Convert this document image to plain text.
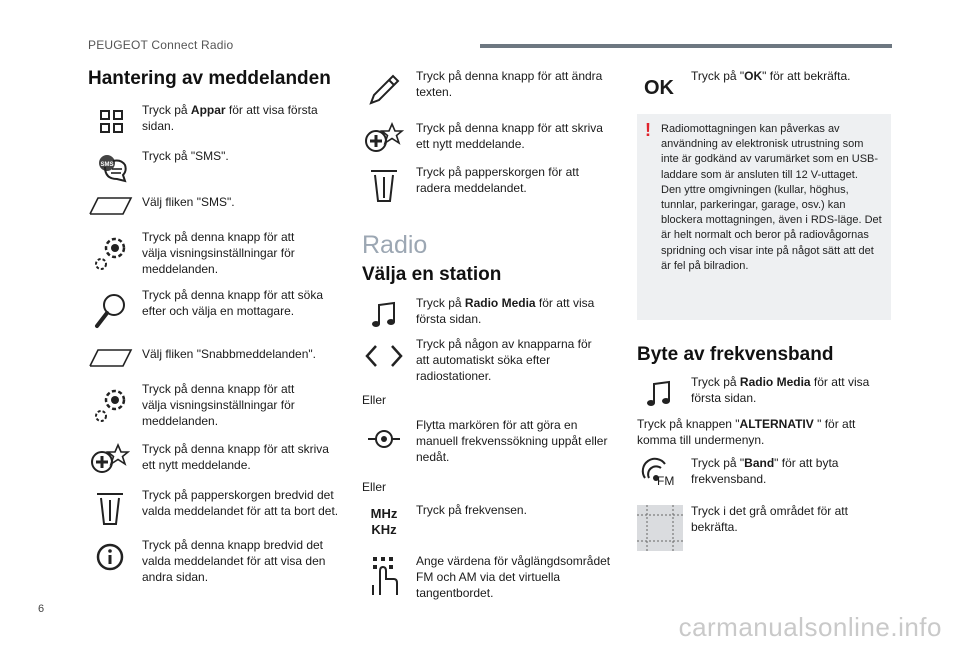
PEUGEOT Connect Radio
Hantering av meddelanden
Tryck på Appar för att visa första sidan.
SMS
Tryck på "SMS".
Välj fliken "SMS".
Tryck på denna knapp för att välja visningsinställningar för meddelanden.
Tryck på denna knapp för att söka efter och välja en mottagare.
Välj fliken "Snabbmeddelanden".
Tryck på denna knapp för att välja visningsinställningar för meddelanden.
Tryck på denna knapp för att skriva ett nytt meddelande.
Tryck på papperskorgen bredvid det valda meddelandet för att ta bort det.
Tryck på denna knapp bredvid det valda meddelandet för att visa den andra sidan.
Tryck på denna knapp för att ändra texten.
Tryck på denna knapp för att skriva ett nytt meddelande.
Tryck på papperskorgen för att radera meddelandet.
Radio
Välja en station
Tryck på Radio Media för att visa första sidan.
Tryck på någon av knapparna för att automatiskt söka efter radiostationer.
Eller
Flytta markören för att göra en manuell frekvenssökning uppåt eller nedåt.
Eller
MHz
KHz
Tryck på frekvensen.
Ange värdena för våglängdsområdet FM och AM via det virtuella tangentbordet.
OK
Tryck på "OK" för att bekräfta.
! Radiomottagningen kan påverkas av användning av elektronisk utrustning som inte är godkänd av varumärket som en USB-laddare som är ansluten till 12 V-uttaget.
Den yttre omgivningen (kullar, höghus, tunnlar, parkeringar, garage, osv.) kan blockera mottagningen, även i RDS-läge. Det är helt normalt och beror på radiovågornas spridning och visar inte på något sätt att det är fel på bilradion.
Byte av frekvensband
Tryck på Radio Media för att visa första sidan.
Tryck på knappen "ALTERNATIV " för att komma till undermenyn.
FM
Tryck på "Band" för att byta frekvensband.
Tryck i det grå området för att bekräfta.
6
carmanualsonline.info
